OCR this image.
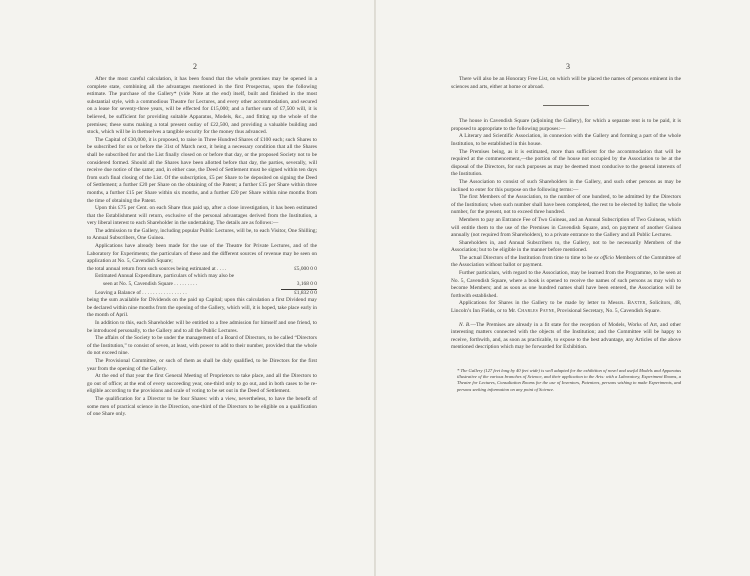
2

After the most careful calculation, it has been found that the whole premises may be opened in a complete state, combining all the advantages mentioned in the first Prospectus, upon the following estimate. The purchase of the Gallery* (vide Note at the end) itself, built and finished in the most substantial style, with a commodious Theatre for Lectures, and every other accommodation, and secured on a lease for seventy-three years, will be effected for £15,000; and a further sum of £7,500 will, it is believed, be sufficient for providing suitable Apparatus, Models, &c., and fitting up the whole of the premises; these sums making a total present outlay of £22,500, and providing a valuable building and stock, which will be in themselves a tangible security for the money thus advanced.

The Capital of £30,000, it is proposed, to raise in Three Hundred Shares of £100 each; such Shares to be subscribed for on or before the 31st of March next, it being a necessary condition that all the Shares shall be subscribed for and the List finally closed on or before that day, or the proposed Society not to be considered formed. Should all the Shares have been allotted before that day, the parties, severally, will receive due notice of the same; and, in either case, the Deed of Settlement must be signed within ten days from such final closing of the List. Of the subscription, £5 per Share to be deposited on signing the Deed of Settlement; a further £20 per Share on the obtaining of the Patent; a further £15 per Share within three months, a further £15 per Share within six months, and a further £20 per Share within nine months from the time of obtaining the Patent.

Upon this £75 per Cent. on each Share thus paid up, after a close investigation, it has been estimated that the Establishment will return, exclusive of the personal advantages derived from the Institution, a very liberal interest to each Shareholder in the undertaking. The details are as follows:—

The admission to the Gallery, including popular Public Lectures, will be, to each Visitor, One Shilling; to Annual Subscribers, One Guinea.

Applications have already been made for the use of the Theatre for Private Lectures, and of the Laboratory for Experiments; the particulars of these and the different sources of revenue may be seen on application at No. 5, Cavendish Square;

the total annual return from such sources being estimated at . . . .	£5,000 0 0
Estimated Annual Expenditure, particulars of which may also be
seen at No. 5, Cavendish Square . . . . . . . . .	3,168 0 0
Leaving a Balance of . . . . . . . . . . . . . . . . .	£1,832 0 0

being the sum available for Dividends on the paid up Capital; upon this calculation a first Dividend may be declared within nine months from the opening of the Gallery, which will, it is hoped, take place early in the month of April.

In addition to this, each Shareholder will be entitled to a free admission for himself and one friend, to be introduced personally, to the Gallery and to all the Public Lectures.

The affairs of the Society to be under the management of a Board of Directors, to be called “Directors of the Institution,” to consist of seven, at least, with power to add to their number, provided that the whole do not exceed nine.

The Provisional Committee, or such of them as shall be duly qualified, to be Directors for the first year from the opening of the Gallery.

At the end of that year the first General Meeting of Proprietors to take place, and all the Directors to go out of office; at the end of every succeeding year, one-third only to go out, and in both cases to be re-eligible according to the provisions and scale of voting to be set out in the Deed of Settlement.

The qualification for a Director to be four Shares: with a view, nevertheless, to have the benefit of some men of practical science in the Direction, one-third of the Directors to be eligible on a qualification of one Share only.

3

There will also be an Honorary Free List, on which will be placed the names of persons eminent in the sciences and arts, either at home or abroad.

The house in Cavendish Square (adjoining the Gallery), for which a separate rent is to be paid, it is proposed to appropriate to the following purposes:—

A Literary and Scientific Association, in connexion with the Gallery and forming a part of the whole Institution, to be established in this house.

The Premises being, as it is estimated, more than sufficient for the accommodation that will be required at the commencement,—the portion of the house not occupied by the Association to be at the disposal of the Directors, for such purposes as may be deemed most conducive to the general interests of the Institution.

The Association to consist of such Shareholders in the Gallery, and such other persons as may be inclined to enter for this purpose on the following terms:—

The first Members of the Association, to the number of one hundred, to be admitted by the Directors of the Institution; when such number shall have been completed, the rest to be elected by ballot; the whole number, for the present, not to exceed three hundred.

Members to pay an Entrance Fee of Two Guineas, and an Annual Subscription of Two Guineas, which will entitle them to the use of the Premises in Cavendish Square, and, on payment of another Guinea annually (not required from Shareholders), to a private entrance to the Gallery and all Public Lectures.

Shareholders in, and Annual Subscribers to, the Gallery, not to be necessarily Members of the Association; but to be eligible in the manner before mentioned.

The actual Directors of the Institution from time to time to be ex officio Members of the Committee of the Association without ballot or payment.

Further particulars, with regard to the Association, may be learned from the Programme, to be seen at No. 5, Cavendish Square, where a book is opened to receive the names of such persons as may wish to become Members; and as soon as one hundred names shall have been entered, the Association will be forthwith established.

Applications for Shares in the Gallery to be made by letter to Messrs. Baxter, Solicitors, 48, Lincoln’s Inn Fields, or to Mr. Charles Payne, Provisional Secretary, No. 5, Cavendish Square.

N. B.—The Premises are already in a fit state for the reception of Models, Works of Art, and other interesting matters connected with the objects of the Institution; and the Committee will be happy to receive, forthwith, and, as soon as practicable, to expose to the best advantage, any Articles of the above mentioned description which may be forwarded for Exhibition.

* The Gallery (127 feet long by 40 feet wide) is well adapted for the exhibition of novel and useful Models and Apparatus illustrative of the various branches of Science, and their application to the Arts: with a Laboratory, Experiment Rooms, a Theatre for Lectures, Consultation Rooms for the use of Inventors, Patentees, persons wishing to make Experiments, and persons seeking information on any point of Science.
